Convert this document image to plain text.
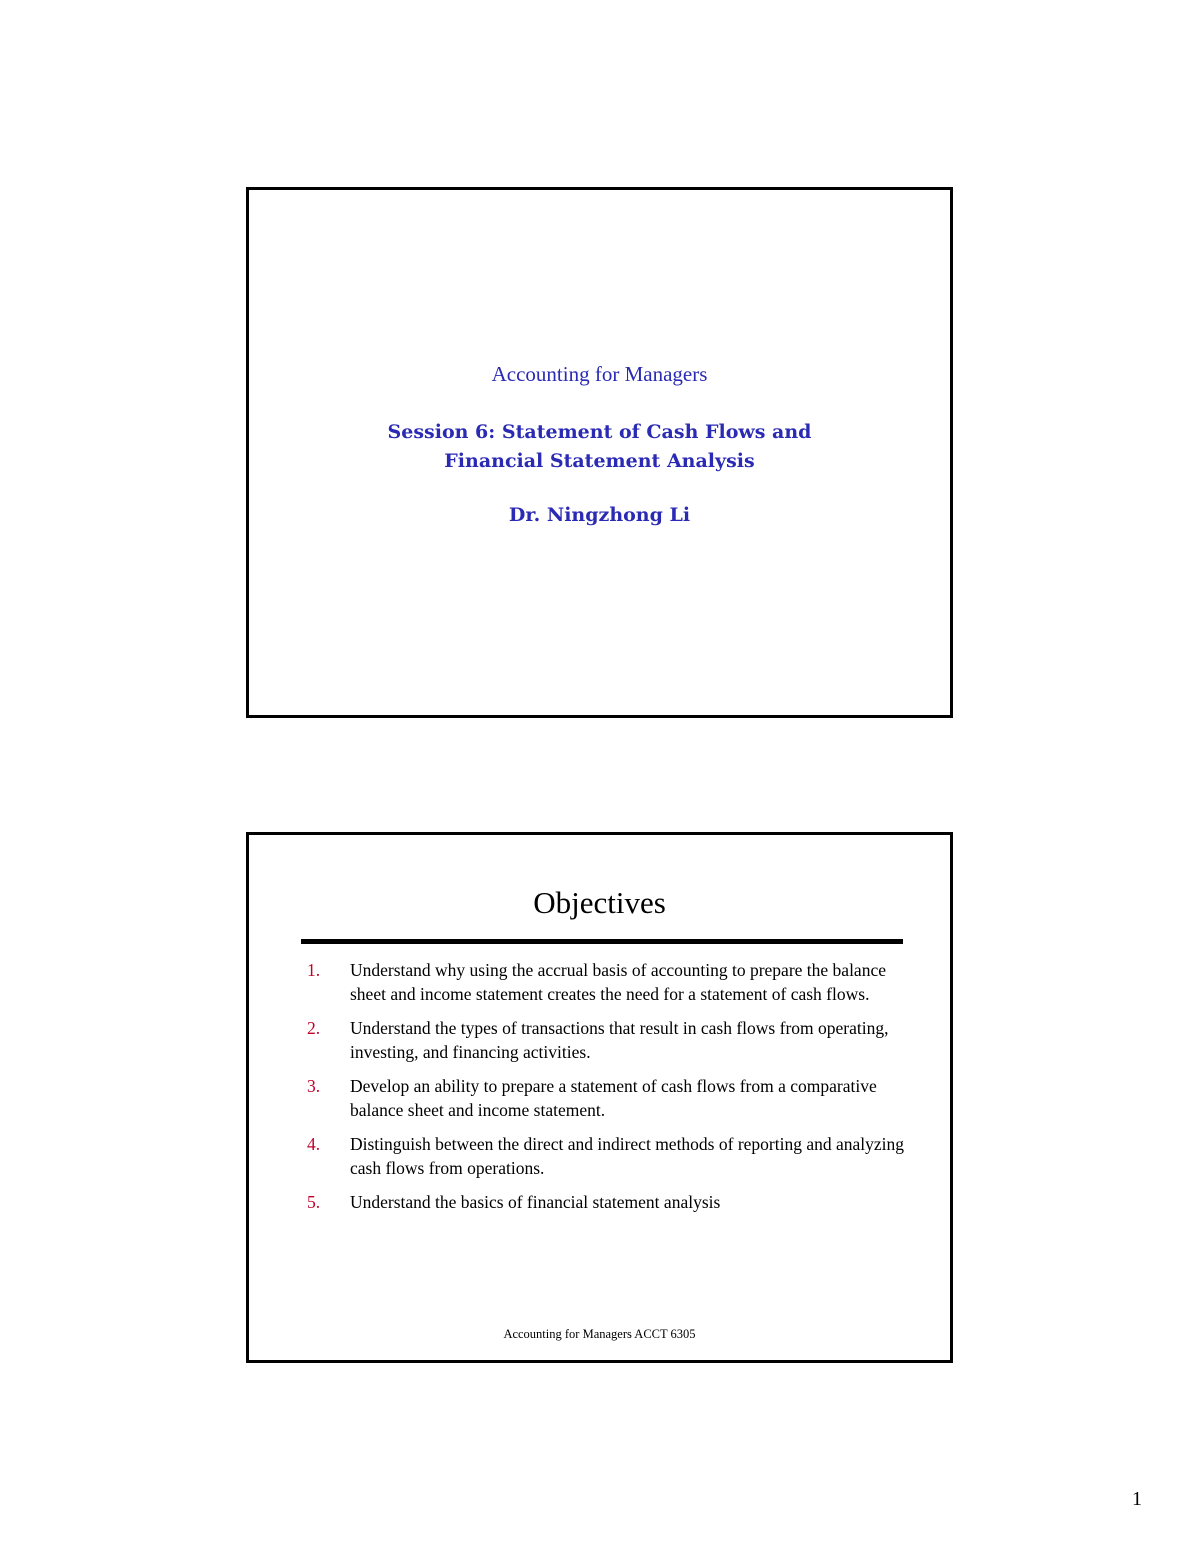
Accounting for Managers
Session 6: Statement of Cash Flows and
Financial Statement Analysis
Dr. Ningzhong Li
Objectives
1.	Understand why using the accrual basis of accounting to prepare the balance sheet and income statement creates the need for a statement of cash flows.
2.	Understand the types of transactions that result in cash flows from operating, investing, and financing activities.
3.	Develop an ability to prepare a statement of cash flows from a comparative balance sheet and income statement.
4.	Distinguish between the direct and indirect methods of reporting and analyzing cash flows from operations.
5.	Understand the basics of financial statement analysis
Accounting for Managers ACCT 6305
1
